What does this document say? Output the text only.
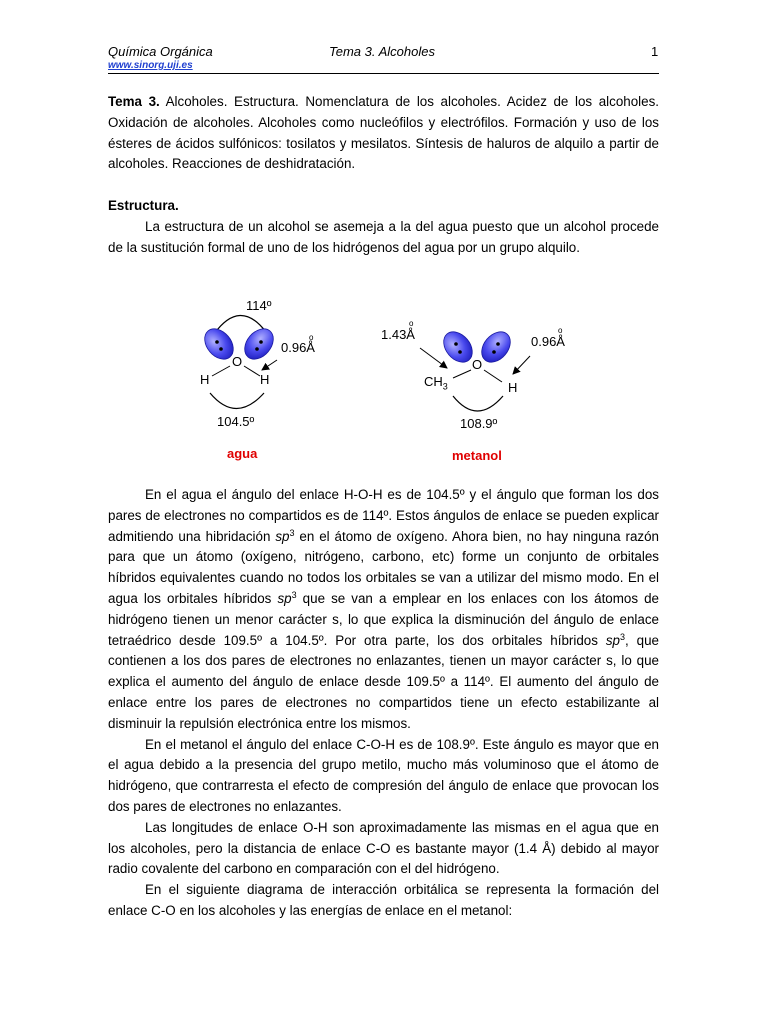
Química Orgánica	Tema 3. Alcoholes	1
www.sinorg.uji.es

Tema 3. Alcoholes. Estructura. Nomenclatura de los alcoholes. Acidez de los alcoholes. Oxidación de alcoholes. Alcoholes como nucleófilos y electrófilos. Formación y uso de los ésteres de ácidos sulfónicos: tosilatos y mesilatos. Síntesis de haluros de alquilo a partir de alcoholes. Reacciones de deshidratación.

Estructura.

La estructura de un alcohol se asemeja a la del agua puesto que un alcohol procede de la sustitución formal de uno de los hidrógenos del agua por un grupo alquilo.

114º
O
H	H
o
0.96Å
104.5º
agua
o
1.43Å	o
0.96Å
O
$CH_3$	H
108.9º
metanol

En el agua el ángulo del enlace H-O-H es de 104.5º y el ángulo que forman los dos pares de electrones no compartidos es de 114º. Estos ángulos de enlace se pueden explicar admitiendo una hibridación $sp^3$ en el átomo de oxígeno. Ahora bien, no hay ninguna razón para que un átomo (oxígeno, nitrógeno, carbono, etc) forme un conjunto de orbitales híbridos equivalentes cuando no todos los orbitales se van a utilizar del mismo modo. En el agua los orbitales híbridos $sp^3$ que se van a emplear en los enlaces con los átomos de hidrógeno tienen un menor carácter s, lo que explica la disminución del ángulo de enlace tetraédrico desde 109.5º a 104.5º. Por otra parte, los dos orbitales híbridos $sp^3$, que contienen a los dos pares de electrones no enlazantes, tienen un mayor carácter s, lo que explica el aumento del ángulo de enlace desde 109.5º a 114º. El aumento del ángulo de enlace entre los pares de electrones no compartidos tiene un efecto estabilizante al disminuir la repulsión electrónica entre los mismos.

En el metanol el ángulo del enlace C-O-H es de 108.9º. Este ángulo es mayor que en el agua debido a la presencia del grupo metilo, mucho más voluminoso que el átomo de hidrógeno, que contrarresta el efecto de compresión del ángulo de enlace que provocan los dos pares de electrones no enlazantes.

Las longitudes de enlace O-H son aproximadamente las mismas en el agua que en los alcoholes, pero la distancia de enlace C-O es bastante mayor (1.4 Å) debido al mayor radio covalente del carbono en comparación con el del hidrógeno.

En el siguiente diagrama de interacción orbitálica se representa la formación del enlace C-O en los alcoholes y las energías de enlace en el metanol:
